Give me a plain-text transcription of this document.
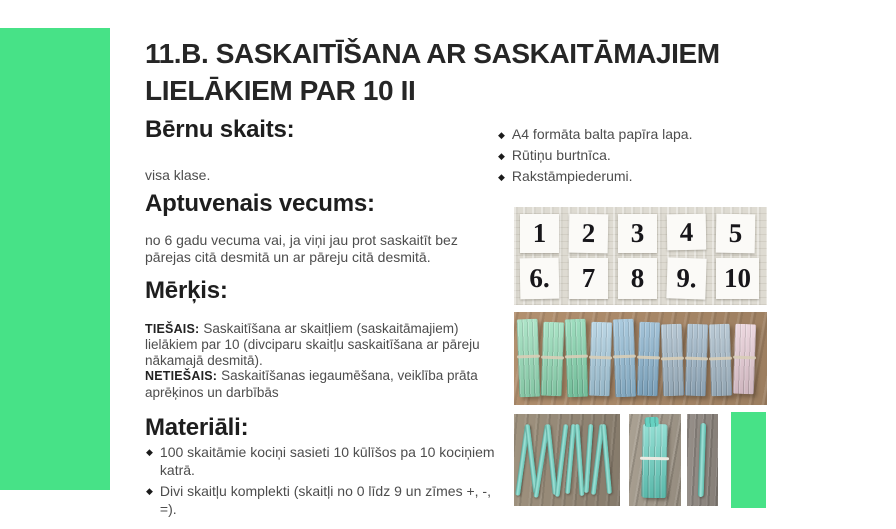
11.B. SASKAITĪŠANA AR SASKAITĀMAJIEM LIELĀKIEM PAR 10 II
Bērnu skaits:
visa klase.
Aptuvenais vecums:
no 6 gadu vecuma vai, ja viņi jau prot saskaitīt bez pārejas citā desmitā un ar pāreju citā desmitā.
Mērķis:
TIEŠAIS: Saskaitīšana ar skaitļiem (saskaitāmajiem) lielākiem par 10 (divciparu skaitļu saskaitīšana ar pāreju nākamajā desmitā).
NETIEŠAIS: Saskaitīšanas iegaumēšana, veiklība prāta aprēķinos un darbībās
Materiāli:
◆ 100 skaitāmie kociņi sasieti 10 kūlīšos pa 10 kociņiem katrā.
◆ Divi skaitļu komplekti (skaitļi no 0 līdz 9 un zīmes +, -, =).
◆ A4 formāta balta papīra lapa.
◆ Rūtiņu burtnīca.
◆ Rakstāmpiederumi.
1	2	3	4	5
6.	7	8	9. 10
